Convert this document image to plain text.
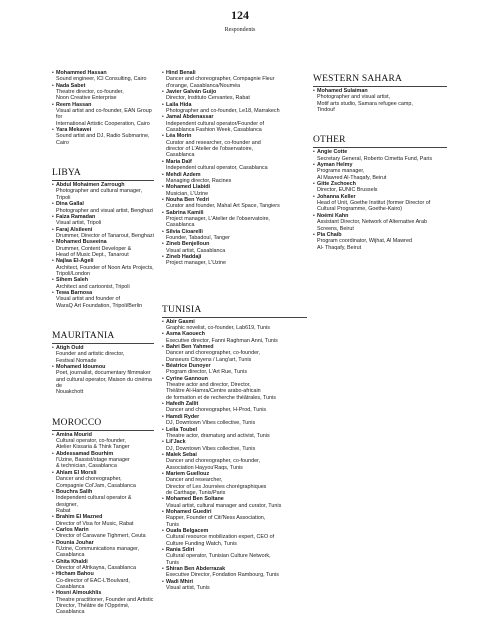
124
Respondents
• Mohammed Hassan
Sound engineer, ICI Consulting, Cairo
• Nada Sabet
Theatre director, co-founder,
Noon Creative Enterprise
• Reem Hassan
Visual artist and co-founder, EAN Group for
International Artistic Cooperation, Cairo
• Yara Mekawei
Sound artist and DJ, Radio Submarine, Cairo
LIBYA
• Abdul Mohaimen Zarrough
Photographer and cultural manager, Tripoli
• Dina Gallal
Photographer and visual artist, Benghazi
• Faiza Ramadan
Visual artist, Tripoli
• Faraj Alsileeni
Drummer, Director of Tanarout, Benghazi
• Mohamed Buseeina
Drummer, Content Developer &
Head of Music Dept., Tanarout
• Najlaa El-Ageli
Architect, Founder of Noon Arts Projects,
Tripoli/London
• Sihem Saleh
Architect and cartoonist, Tripoli
• Tewa Barnosa
Visual artist and founder of
WaraQ Art Foundation, Tripoli/Berlin
MAURITANIA
• Atigh Ould
Founder and artistic director,
Festival Nomade
• Mohamed Idoumou
Poet, journalist, documentary filmmaker
and cultural operator, Maison du cinéma de
Nouakchott
MOROCCO
• Amina Mourid
Cultural operator, co-founder,
Atelier Kissaria & Think Tanger
• Abdessamad Bourhim
l'Uzine, Bassist/stage manager
& technician, Casablanca
• Ahlam El Morsli
Dancer and choreographer,
Compagnie Col'Jam, Casablanca
• Bouchra Salih
Independent cultural operator & designer,
Rabat
• Brahim El Mazned
Director of Visa for Music, Rabat
• Carlos Marin
Director of Caravane Tighmert, Ceuta
• Dounia Jouhar
l'Uzine, Communications manager,
Casablanca
• Ghita Khaldi
Director of Afrikayna, Casablanca
• Hicham Bahou
Co-director of EAC-L'Boulvard,
Casablanca
• Hosni Almoukhlis
Theatre practitioner, Founder and Artistic
Director, Théâtre de l'Opprimé, Casablanca
• Hind Benali
Dancer and choreographer, Compagnie Fleur
d'orange, Casablanca/Nouméa
• Javier Galván Guijo
Director, Instituto Cervantes, Rabat
• Laila Hida
Photographer and co-founder, Le18, Marrakech
• Jamal Abdenassar
Independent cultural operator/Founder of
Casablanca Fashion Week, Casablanca
• Léa Morin
Curator and researcher, co-founder and
director of L'Atelier de l'observatoire,
Casablanca
• Maria Daïf
Independent cultural operator, Casablanca
• Mehdi Azdem
Managing director, Racines
• Mohamed Llabidi
Musician, L'Uzine
• Nouha Ben Yedri
Curator and founder, Mahal Art Space, Tangiers
• Sabrina Kamili
Project manager, L'Atelier de l'observatoire,
Casablanca
• Silvia Cioarelli
Founder, Tabadoul, Tanger
• Zineb Benjelloun
Visual artist, Casablanca
• Zineb Haddaji
Project manager, L'Uzine
TUNISIA
• Abir Gasmi
Graphic novelist, co-founder, Lab619, Tunis
• Asma Kaouech
Executive director, Fanni Raghman Anni, Tunis
• Bahri Ben Yahmed
Dancer and choreographer, co-founder,
Danseurs Citoyens / Lang'art, Tunis
• Béatrice Dunoyer
Program director, L'Art Rue, Tunis
• Cyrine Gannoun
Theatre actor and director, Director,
Théâtre Al-Hamra/Centre arabo-africain
de formation et de recherche théâtrales, Tunis
• Hafedh Zallit
Dancer and choreographer, H-Prod, Tunis
• Hamdi Ryder
DJ, Downtown Vibes collective, Tunis
• Leila Toubel
Theatre actor, dramaturg and activist, Tunis
• Lil'Jack
DJ, Downtown Vibes collective, Tunis
• Malek Sebai
Dancer and choreographer, co-founder,
Association Hayyou'Raqs, Tunis
• Mariem Guellouz
Dancer and researcher,
Director of Les Journées chorégraphiques
de Carthage, Tunis/Paris
• Mohamed Ben Soltane
Visual artist, cultural manager and curator, Tunis
• Mohamed Guediri
Rapper, Founder of Citi'Ness Association,
Tunis
• Ouafa Belgacem
Cultural resource mobilization expert, CEO of
Culture Funding Watch, Tunis
• Rania Sdiri
Cultural operator, Tunisian Culture Network,
Tunis
• Shiran Ben Abderrazak
Executive Director, Fondation Rambourg, Tunis
• Wadi Mhiri
Visual artist, Tunis
WESTERN SAHARA
• Mohamed Sulaiman
Photographer and visual artist,
Motif arts studio, Samara refugee camp,
Tindouf
OTHER
• Angie Cotte
Secretary General, Roberto Cimetta Fund, Paris
• Ayman Helmy
Programs manager,
Al Mawred Al-Thaqafy, Beirut
• Gitte Zschoech
Director, EUNIC Brussels
• Johanna Keller
Head of Unit, Goethe Institut (former Director of
Cultural Programme, Goethe-Kairo)
• Noémi Kahn
Assistant Director, Network of Alternative Arab
Screens, Beirut
• Pia Chaib
Program coordinator, Wijhat, Al Mawred
Al- Thaqafy, Beirut
